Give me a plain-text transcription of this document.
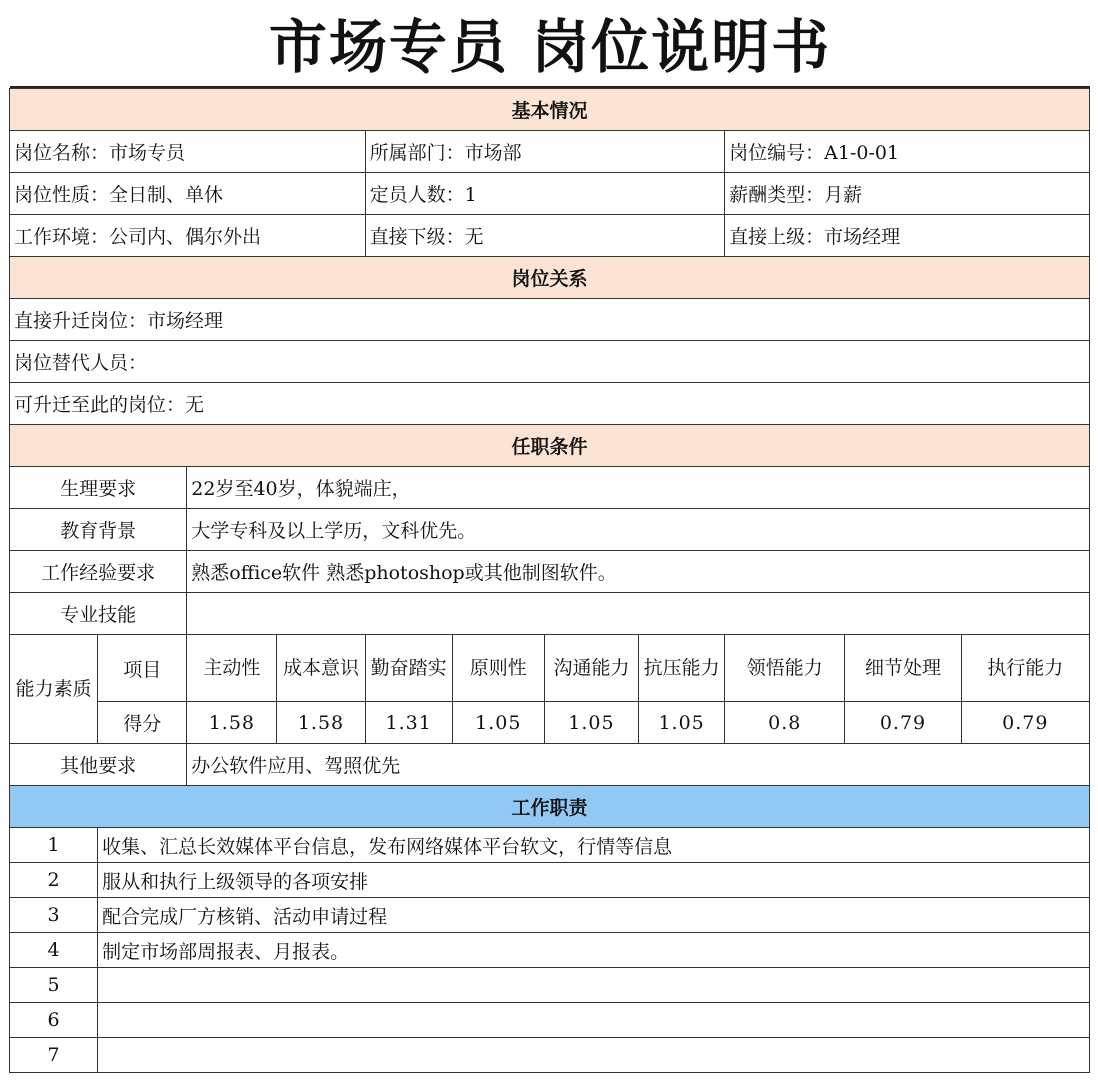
市场专员 岗位说明书
基本情况										
岗位名称：市场专员				所属部门：市场部				岗位编号：A1-0-01		
岗位性质：全日制、单休				定员人数：1				薪酬类型：月薪		
工作环境：公司内、偶尔外出				直接下级：无				直接上级：市场经理		
岗位关系										
直接升迁岗位：市场经理										
岗位替代人员：										
可升迁至此的岗位：无										
任职条件										
生理要求		22岁至40岁，体貌端庄，								
教育背景		大学专科及以上学历，文科优先。								
工作经验要求		熟悉office软件 熟悉photoshop或其他制图软件。								
专业技能										
能力素质	项目	主动性	成本意识	勤奋踏实	原则性	沟通能力	抗压能力	领悟能力	细节处理	执行能力
	得分	1.58	1.58	1.31	1.05	1.05	1.05	0.8	0.79	0.79
其他要求		办公软件应用、驾照优先								
工作职责										
1	收集、汇总长效媒体平台信息，发布网络媒体平台软文，行情等信息									
2	服从和执行上级领导的各项安排									
3	配合完成厂方核销、活动申请过程									
4	制定市场部周报表、月报表。									
5										
6										
7										
